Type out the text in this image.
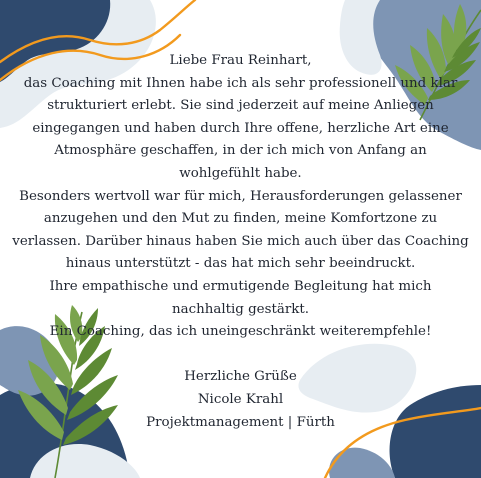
Liebe Frau Reinhart,
das Coaching mit Ihnen habe ich als sehr professionell und klar
strukturiert erlebt. Sie sind jederzeit auf meine Anliegen
eingegangen und haben durch Ihre offene, herzliche Art eine
Atmosphäre geschaffen, in der ich mich von Anfang an
wohlgefühlt habe.
Besonders wertvoll war für mich, Herausforderungen gelassener
anzugehen und den Mut zu finden, meine Komfortzone zu
verlassen. Darüber hinaus haben Sie mich auch über das Coaching
hinaus unterstützt - das hat mich sehr beeindruckt.
Ihre empathische und ermutigende Begleitung hat mich
nachhaltig gestärkt.
Ein Coaching, das ich uneingeschränkt weiterempfehle!
Herzliche Grüße
Nicole Krahl
Projektmanagement | Fürth
